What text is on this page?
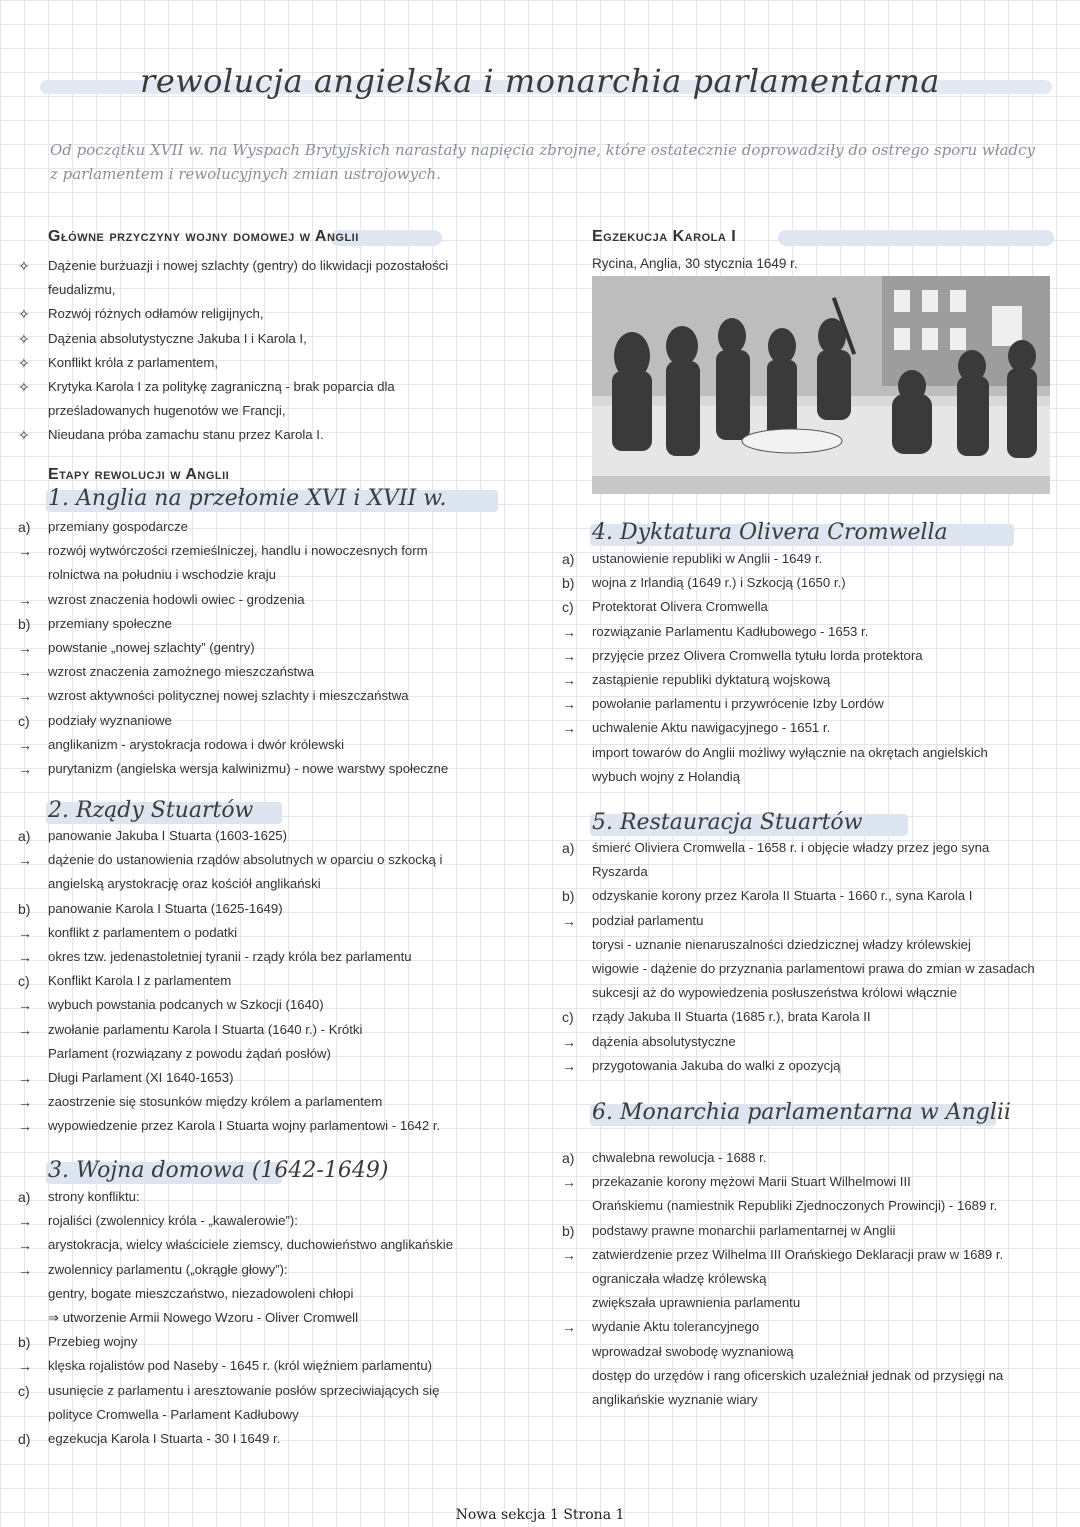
rewolucja angielska i monarchia parlamentarna
Od początku XVII w. na Wyspach Brytyjskich narastały napięcia zbrojne, które ostatecznie doprowadziły do ostrego sporu władcy z parlamentem i rewolucyjnych zmian ustrojowych.
Główne przyczyny wojny domowej w Anglii
✧	Dążenie burżuazji i nowej szlachty (gentry) do likwidacji pozostałości
feudalizmu,
✧	Rozwój różnych odłamów religijnych,
✧	Dążenia absolutystyczne Jakuba I i Karola I,
✧	Konflikt króla z parlamentem,
✧	Krytyka Karola I za politykę zagraniczną - brak poparcia dla
prześladowanych hugenotów we Francji,
✧	Nieudana próba zamachu stanu przez Karola I.
Etapy rewolucji w Anglii
1. Anglia na przełomie XVI i XVII w.
a)	przemiany gospodarcze
→	rozwój wytwórczości rzemieślniczej, handlu i nowoczesnych form
rolnictwa na południu i wschodzie kraju
→	wzrost znaczenia hodowli owiec - grodzenia
b)	przemiany społeczne
→	powstanie „nowej szlachty” (gentry)
→	wzrost znaczenia zamożnego mieszczaństwa
→	wzrost aktywności politycznej nowej szlachty i mieszczaństwa
c)	podziały wyznaniowe
→	anglikanizm - arystokracja rodowa i dwór królewski
→	purytanizm (angielska wersja kalwinizmu) - nowe warstwy społeczne
2. Rządy Stuartów
a)	panowanie Jakuba I Stuarta (1603-1625)
→	dążenie do ustanowienia rządów absolutnych w oparciu o szkocką i
angielską arystokrację oraz kościół anglikański
b)	panowanie Karola I Stuarta (1625-1649)
→	konflikt z parlamentem o podatki
→	okres tzw. jedenastoletniej tyranii - rządy króla bez parlamentu
c)	Konflikt Karola I z parlamentem
→	wybuch powstania podcanych w Szkocji (1640)
→	zwołanie parlamentu Karola I Stuarta (1640 r.) - Krótki
Parlament (rozwiązany z powodu żądań posłów)
→	Długi Parlament (XI 1640-1653)
→	zaostrzenie się stosunków między królem a parlamentem
→	wypowiedzenie przez Karola I Stuarta wojny parlamentowi - 1642 r.
3. Wojna domowa (1642-1649)
a)	strony konfliktu:
→	rojaliści (zwolennicy króla - „kawalerowie”):
→	arystokracja, wielcy właściciele ziemscy, duchowieństwo anglikańskie
→	zwolennicy parlamentu („okrągłe głowy”):
gentry, bogate mieszczaństwo, niezadowoleni chłopi
⇒ utworzenie Armii Nowego Wzoru - Oliver Cromwell
b)	Przebieg wojny
→	klęska rojalistów pod Naseby - 1645 r. (król więźniem parlamentu)
c)	usunięcie z parlamentu i aresztowanie posłów sprzeciwiających się
polityce Cromwella - Parlament Kadłubowy
d)	egzekucja Karola I Stuarta - 30 I 1649 r.
Egzekucja Karola I
Rycina, Anglia, 30 stycznia 1649 r.
4. Dyktatura Olivera Cromwella
a)	ustanowienie republiki w Anglii - 1649 r.
b)	wojna z Irlandią (1649 r.) i Szkocją (1650 r.)
c)	Protektorat Olivera Cromwella
→	rozwiązanie Parlamentu Kadłubowego - 1653 r.
→	przyjęcie przez Olivera Cromwella tytułu lorda protektora
→	zastąpienie republiki dyktaturą wojskową
→	powołanie parlamentu i przywrócenie Izby Lordów
→	uchwalenie Aktu nawigacyjnego - 1651 r.
import towarów do Anglii możliwy wyłącznie na okrętach angielskich
wybuch wojny z Holandią
5. Restauracja Stuartów
a)	śmierć Oliviera Cromwella - 1658 r. i objęcie władzy przez jego syna
Ryszarda
b)	odzyskanie korony przez Karola II Stuarta - 1660 r., syna Karola I
→	podział parlamentu
torysi - uznanie nienaruszalności dziedzicznej władzy królewskiej
wigowie - dążenie do przyznania parlamentowi prawa do zmian w zasadach
sukcesji aż do wypowiedzenia posłuszeństwa królowi włącznie
c)	rządy Jakuba II Stuarta (1685 r.), brata Karola II
→	dążenia absolutystyczne
→	przygotowania Jakuba do walki z opozycją
6. Monarchia parlamentarna w Anglii
a)	chwalebna rewolucja - 1688 r.
→	przekazanie korony mężowi Marii Stuart Wilhelmowi III
Orańskiemu (namiestnik Republiki Zjednoczonych Prowincji) - 1689 r.
b)	podstawy prawne monarchii parlamentarnej w Anglii
→	zatwierdzenie przez Wilhelma III Orańskiego Deklaracji praw w 1689 r.
ograniczała władzę królewską
zwiększała uprawnienia parlamentu
→	wydanie Aktu tolerancyjnego
wprowadzał swobodę wyznaniową
dostęp do urzędów i rang oficerskich uzależniał jednak od przysięgi na
anglikańskie wyznanie wiary
Nowa sekcja 1 Strona 1
